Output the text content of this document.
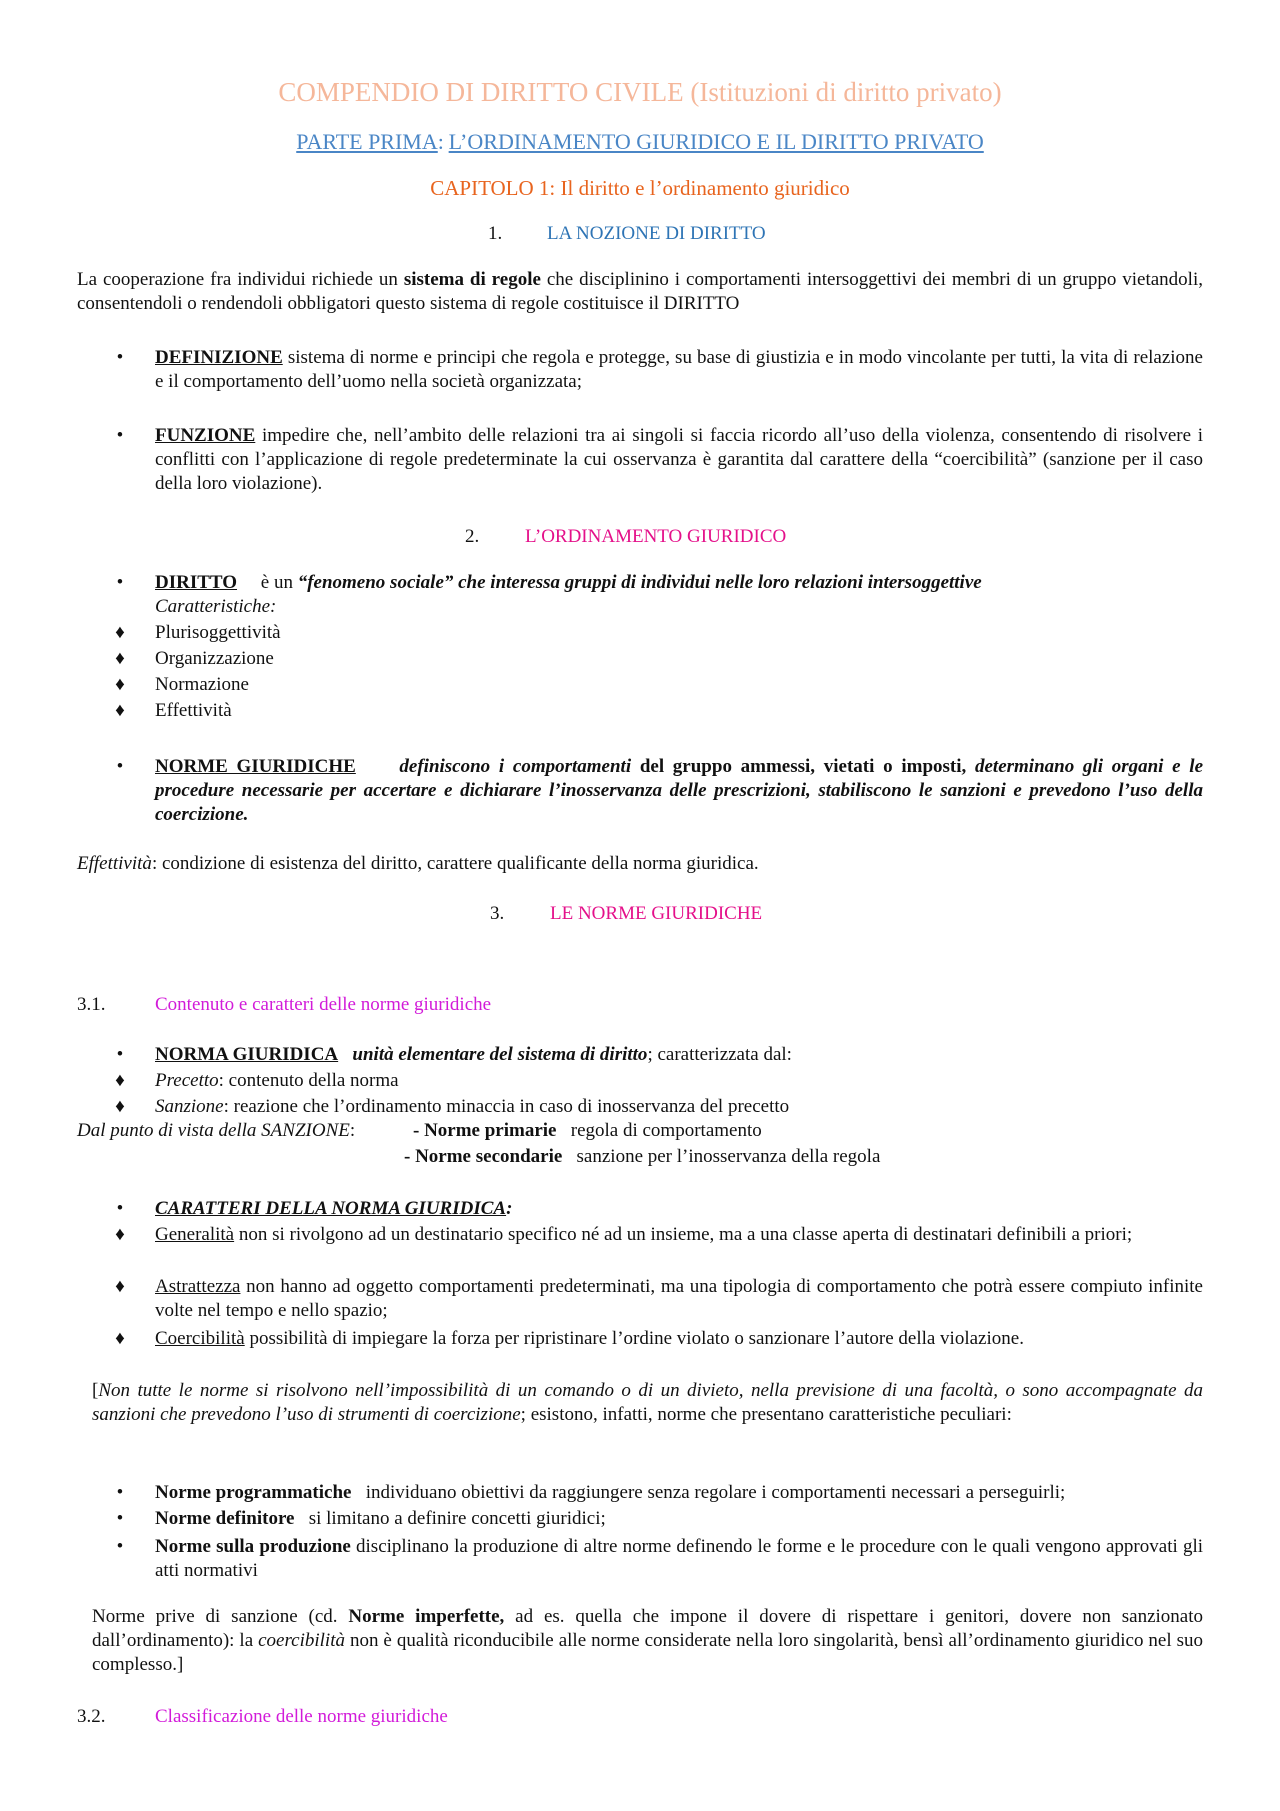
COMPENDIO DI DIRITTO CIVILE (Istituzioni di diritto privato)
PARTE PRIMA: L’ORDINAMENTO GIURIDICO E IL DIRITTO PRIVATO
CAPITOLO 1: Il diritto e l’ordinamento giuridico
1. LA NOZIONE DI DIRITTO
La cooperazione fra individui richiede un sistema di regole che disciplinino i comportamenti intersoggettivi dei membri di un gruppo vietandoli, consentendoli o rendendoli obbligatori questo sistema di regole costituisce il DIRITTO
•	DEFINIZIONE sistema di norme e principi che regola e protegge, su base di giustizia e in modo vincolante per tutti, la vita di relazione e il comportamento dell’uomo nella società organizzata;
•	FUNZIONE impedire che, nell’ambito delle relazioni tra ai singoli si faccia ricordo all’uso della violenza, consentendo di risolvere i conflitti con l’applicazione di regole predeterminate la cui osservanza è garantita dal carattere della “coercibilità” (sanzione per il caso della loro violazione).
2. L’ORDINAMENTO GIURIDICO
•	DIRITTO     è un “fenomeno sociale” che interessa gruppi di individui nelle loro relazioni intersoggettive
Caratteristiche:
♦ Plurisoggettività
♦ Organizzazione
♦ Normazione
♦ Effettività
•	NORME GIURIDICHE definiscono i comportamenti del gruppo ammessi, vietati o imposti, determinano gli organi e le procedure necessarie per accertare e dichiarare l’inosservanza delle prescrizioni, stabiliscono le sanzioni e prevedono l’uso della coercizione.
Effettività: condizione di esistenza del diritto, carattere qualificante della norma giuridica.
3. LE NORME GIURIDICHE
3.1.	Contenuto e caratteri delle norme giuridiche
•	NORMA GIURIDICA unità elementare del sistema di diritto; caratterizzata dal:
♦ Precetto: contenuto della norma
♦ Sanzione: reazione che l’ordinamento minaccia in caso di inosservanza del precetto
Dal punto di vista della SANZIONE:	- Norme primarie   regola di comportamento
- Norme secondarie   sanzione per l’inosservanza della regola
•	CARATTERI DELLA NORMA GIURIDICA:
♦ Generalità non si rivolgono ad un destinatario specifico né ad un insieme, ma a una classe aperta di destinatari definibili a priori;
♦ Astrattezza non hanno ad oggetto comportamenti predeterminati, ma una tipologia di comportamento che potrà essere compiuto infinite volte nel tempo e nello spazio;
♦ Coercibilità possibilità di impiegare la forza per ripristinare l’ordine violato o sanzionare l’autore della violazione.
[Non tutte le norme si risolvono nell’impossibilità di un comando o di un divieto, nella previsione di una facoltà, o sono accompagnate da sanzioni che prevedono l’uso di strumenti di coercizione; esistono, infatti, norme che presentano caratteristiche peculiari:
•	Norme programmatiche   individuano obiettivi da raggiungere senza regolare i comportamenti necessari a perseguirli;
•	Norme definitore   si limitano a definire concetti giuridici;
•	Norme sulla produzione disciplinano la produzione di altre norme definendo le forme e le procedure con le quali vengono approvati gli atti normativi
Norme prive di sanzione (cd. Norme imperfette, ad es. quella che impone il dovere di rispettare i genitori, dovere non sanzionato dall’ordinamento): la coercibilità non è qualità riconducibile alle norme considerate nella loro singolarità, bensì all’ordinamento giuridico nel suo complesso.]
3.2.	Classificazione delle norme giuridiche
